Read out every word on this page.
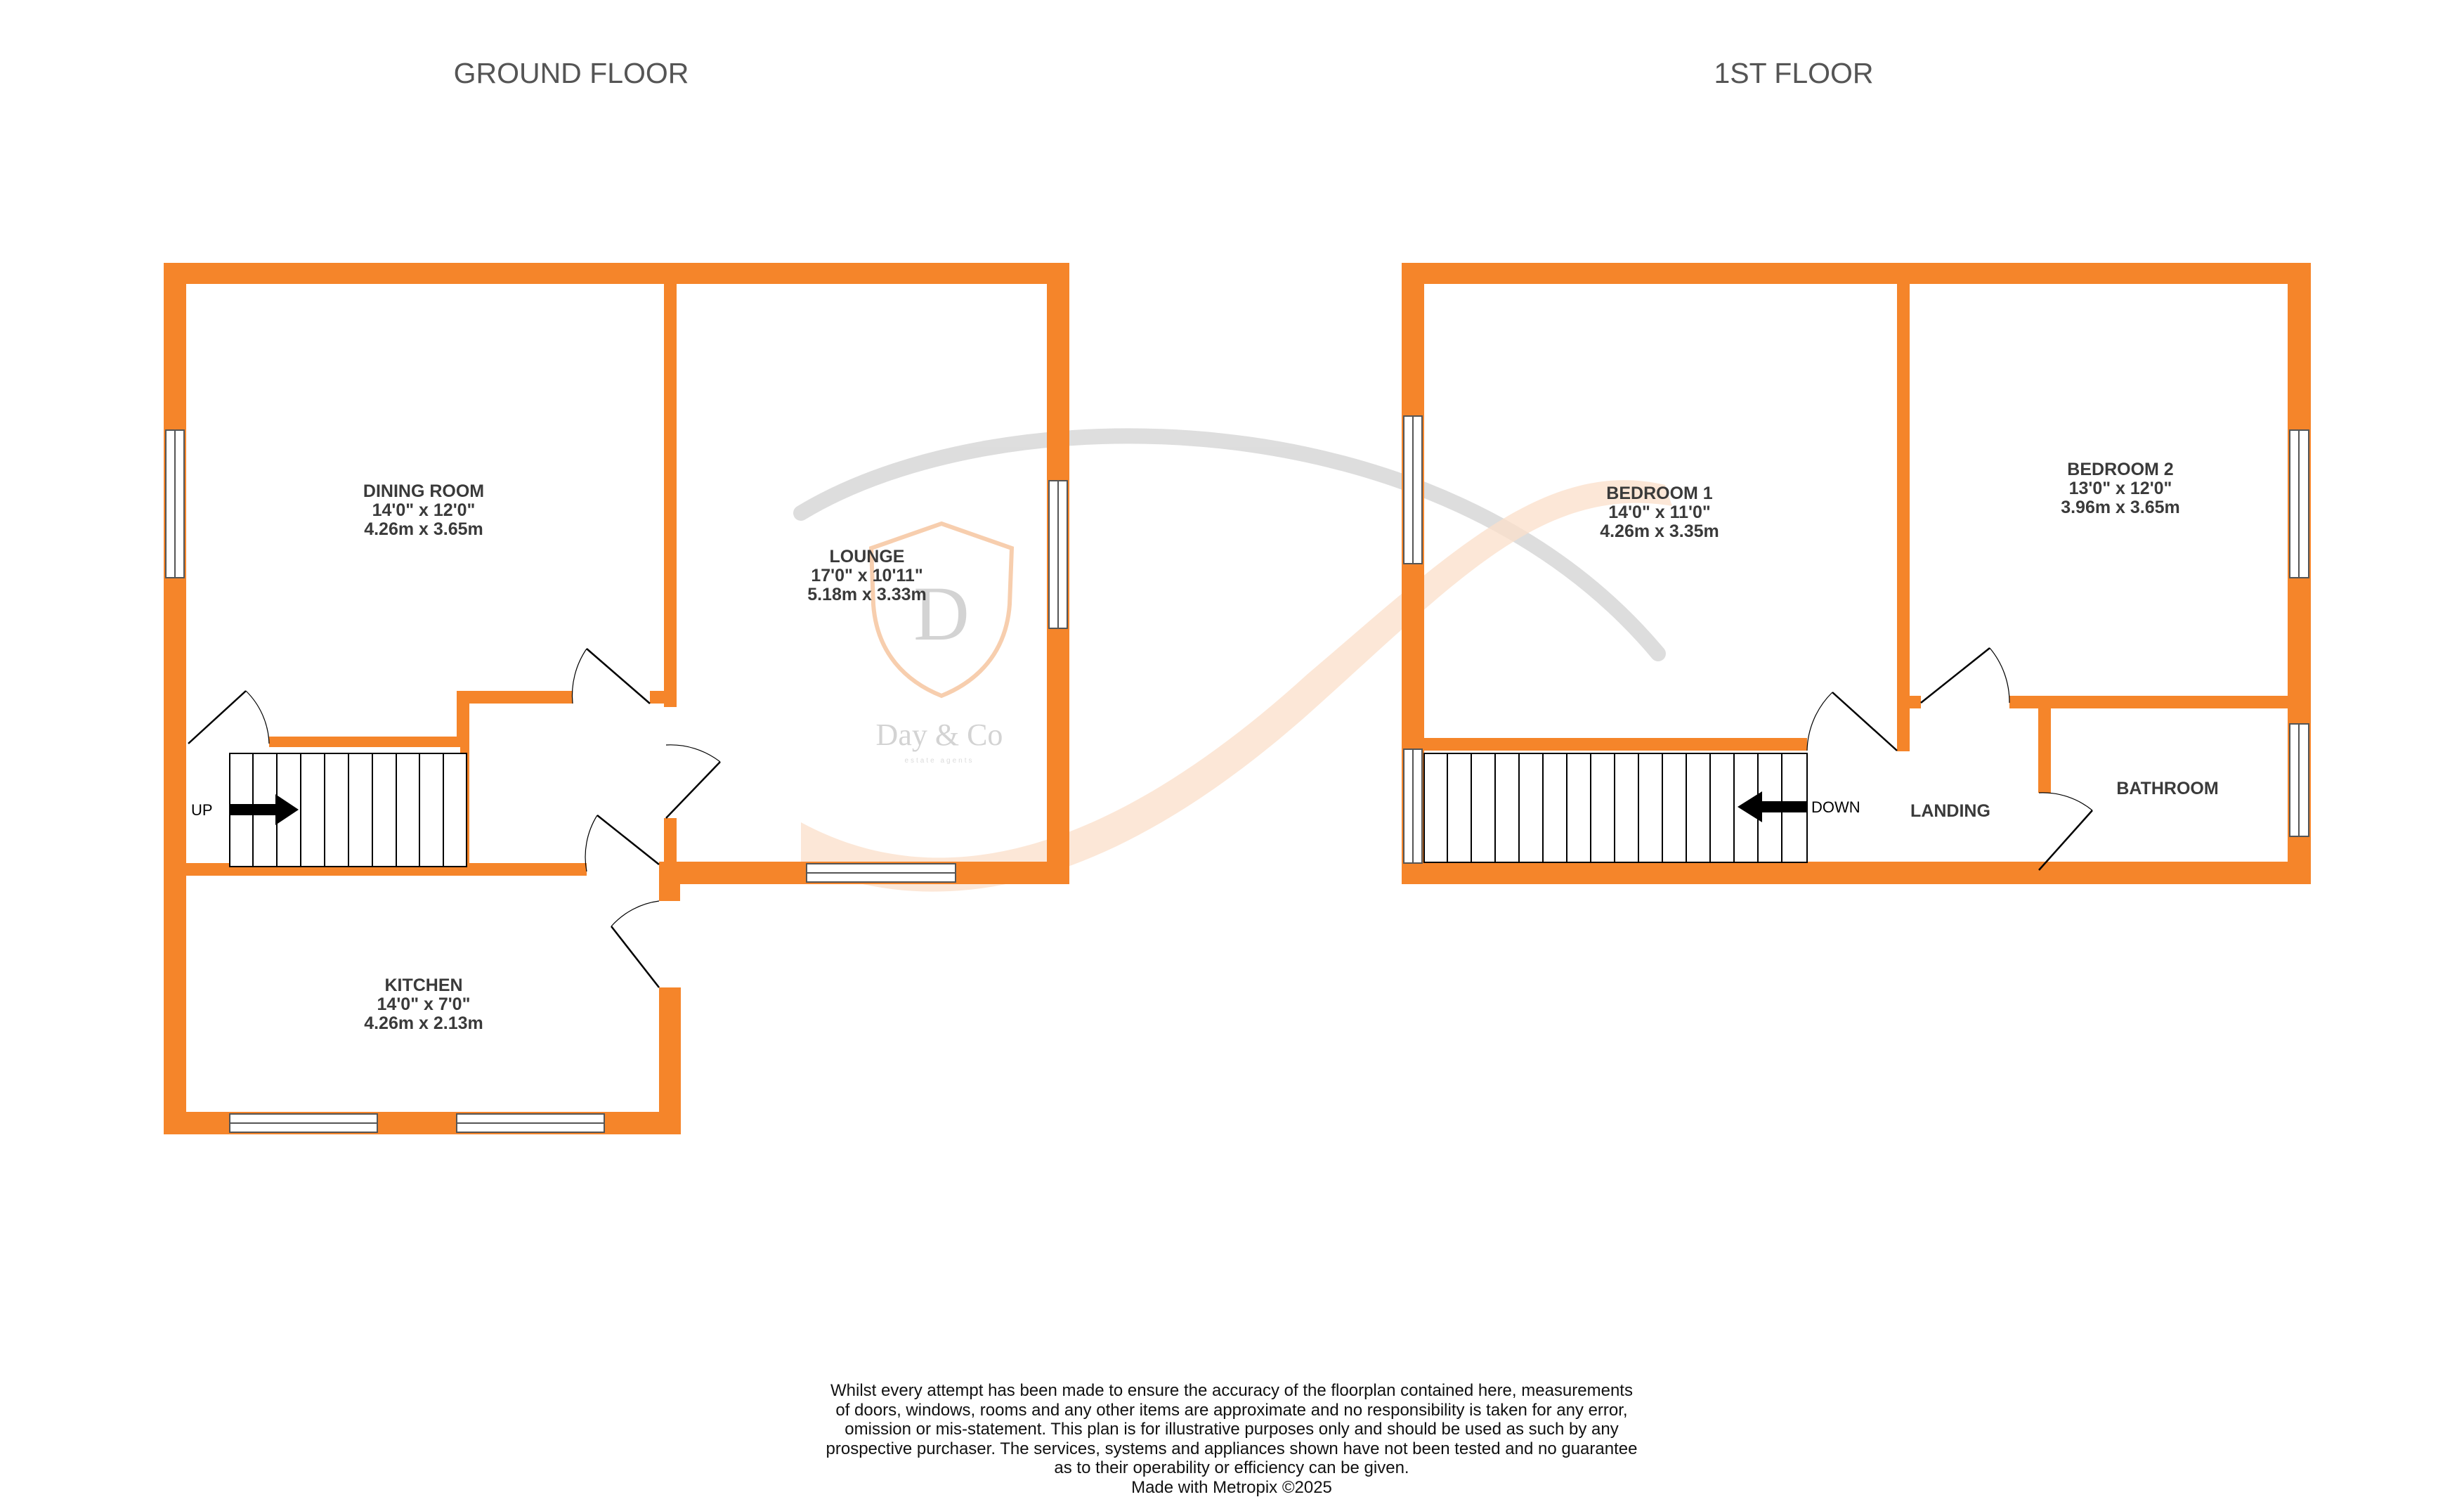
D
Day & Co
estate agents
GROUND FLOOR	1ST FLOOR
UP
DINING ROOM
14'0" x 12'0"
4.26m x 3.65m
LOUNGE
17'0" x 10'11"
5.18m x 3.33m
KITCHEN
14'0" x 7'0"
4.26m x 2.13m
DOWN
BEDROOM 1
14'0" x 11'0"
4.26m x 3.35m
BEDROOM 2
13'0" x 12'0"
3.96m x 3.65m
LANDING
BATHROOM
Whilst every attempt has been made to ensure the accuracy of the floorplan contained here, measurements
of doors, windows, rooms and any other items are approximate and no responsibility is taken for any error,
omission or mis-statement. This plan is for illustrative purposes only and should be used as such by any
prospective purchaser. The services, systems and appliances shown have not been tested and no guarantee
as to their operability or efficiency can be given.
Made with Metropix ©2025
